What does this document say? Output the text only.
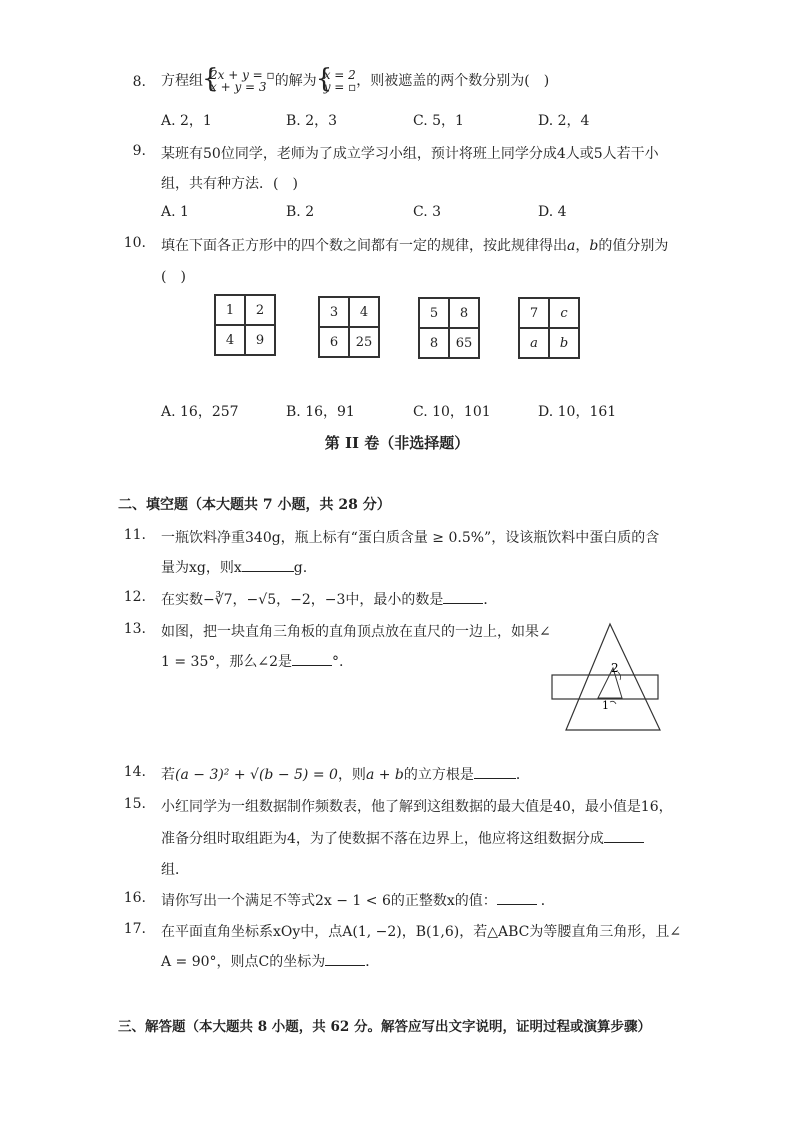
8. 方程组 {
2x + y = ▫
x + y = 3 的解为 {
x = 2
y = ▫ ，则被遮盖的两个数分别为(　)
A. 2，1	B. 2，3	C. 5，1	D. 2，4
9. 某班有50位同学，老师为了成立学习小组，预计将班上同学分成4人或5人若干小
组，共有种方法．(　)
A. 1	B. 2	C. 3	D. 4
10. 填在下面各正方形中的四个数之间都有一定的规律，按此规律得出a，b的值分别为
(　)
1	2
4	9
3	4
6	25
5	8
8	65
7	c
a	b
A. 16，257	B. 16，91	C. 10，101	D. 10，161
第 II 卷（非选择题）
二、填空题（本大题共 7 小题，共 28 分）
11. 一瓶饮料净重340g，瓶上标有“蛋白质含量 ≥ 0.5%”，设该瓶饮料中蛋白质的含
量为xg，则x	g.
12. 在实数−∛7，−√5，−2，−3中，最小的数是	．
13. 如图，把一块直角三角板的直角顶点放在直尺的一边上，如果∠
1 = 35°，那么∠2是	°.	2
1
14. 若(a − 3)² + √(b − 5) = 0，则a + b的立方根是	．
15. 小红同学为一组数据制作频数表，他了解到这组数据的最大值是40，最小值是16，
准备分组时取组距为4，为了使数据不落在边界上，他应将这组数据分成
组．
16. 请你写出一个满足不等式2x − 1 < 6的正整数x的值：	．
17. 在平面直角坐标系xOy中，点A(1, −2)，B(1,6)，若△ABC为等腰直角三角形，且∠
A = 90°，则点C的坐标为	．
三、解答题（本大题共 8 小题，共 62 分。解答应写出文字说明，证明过程或演算步骤）
